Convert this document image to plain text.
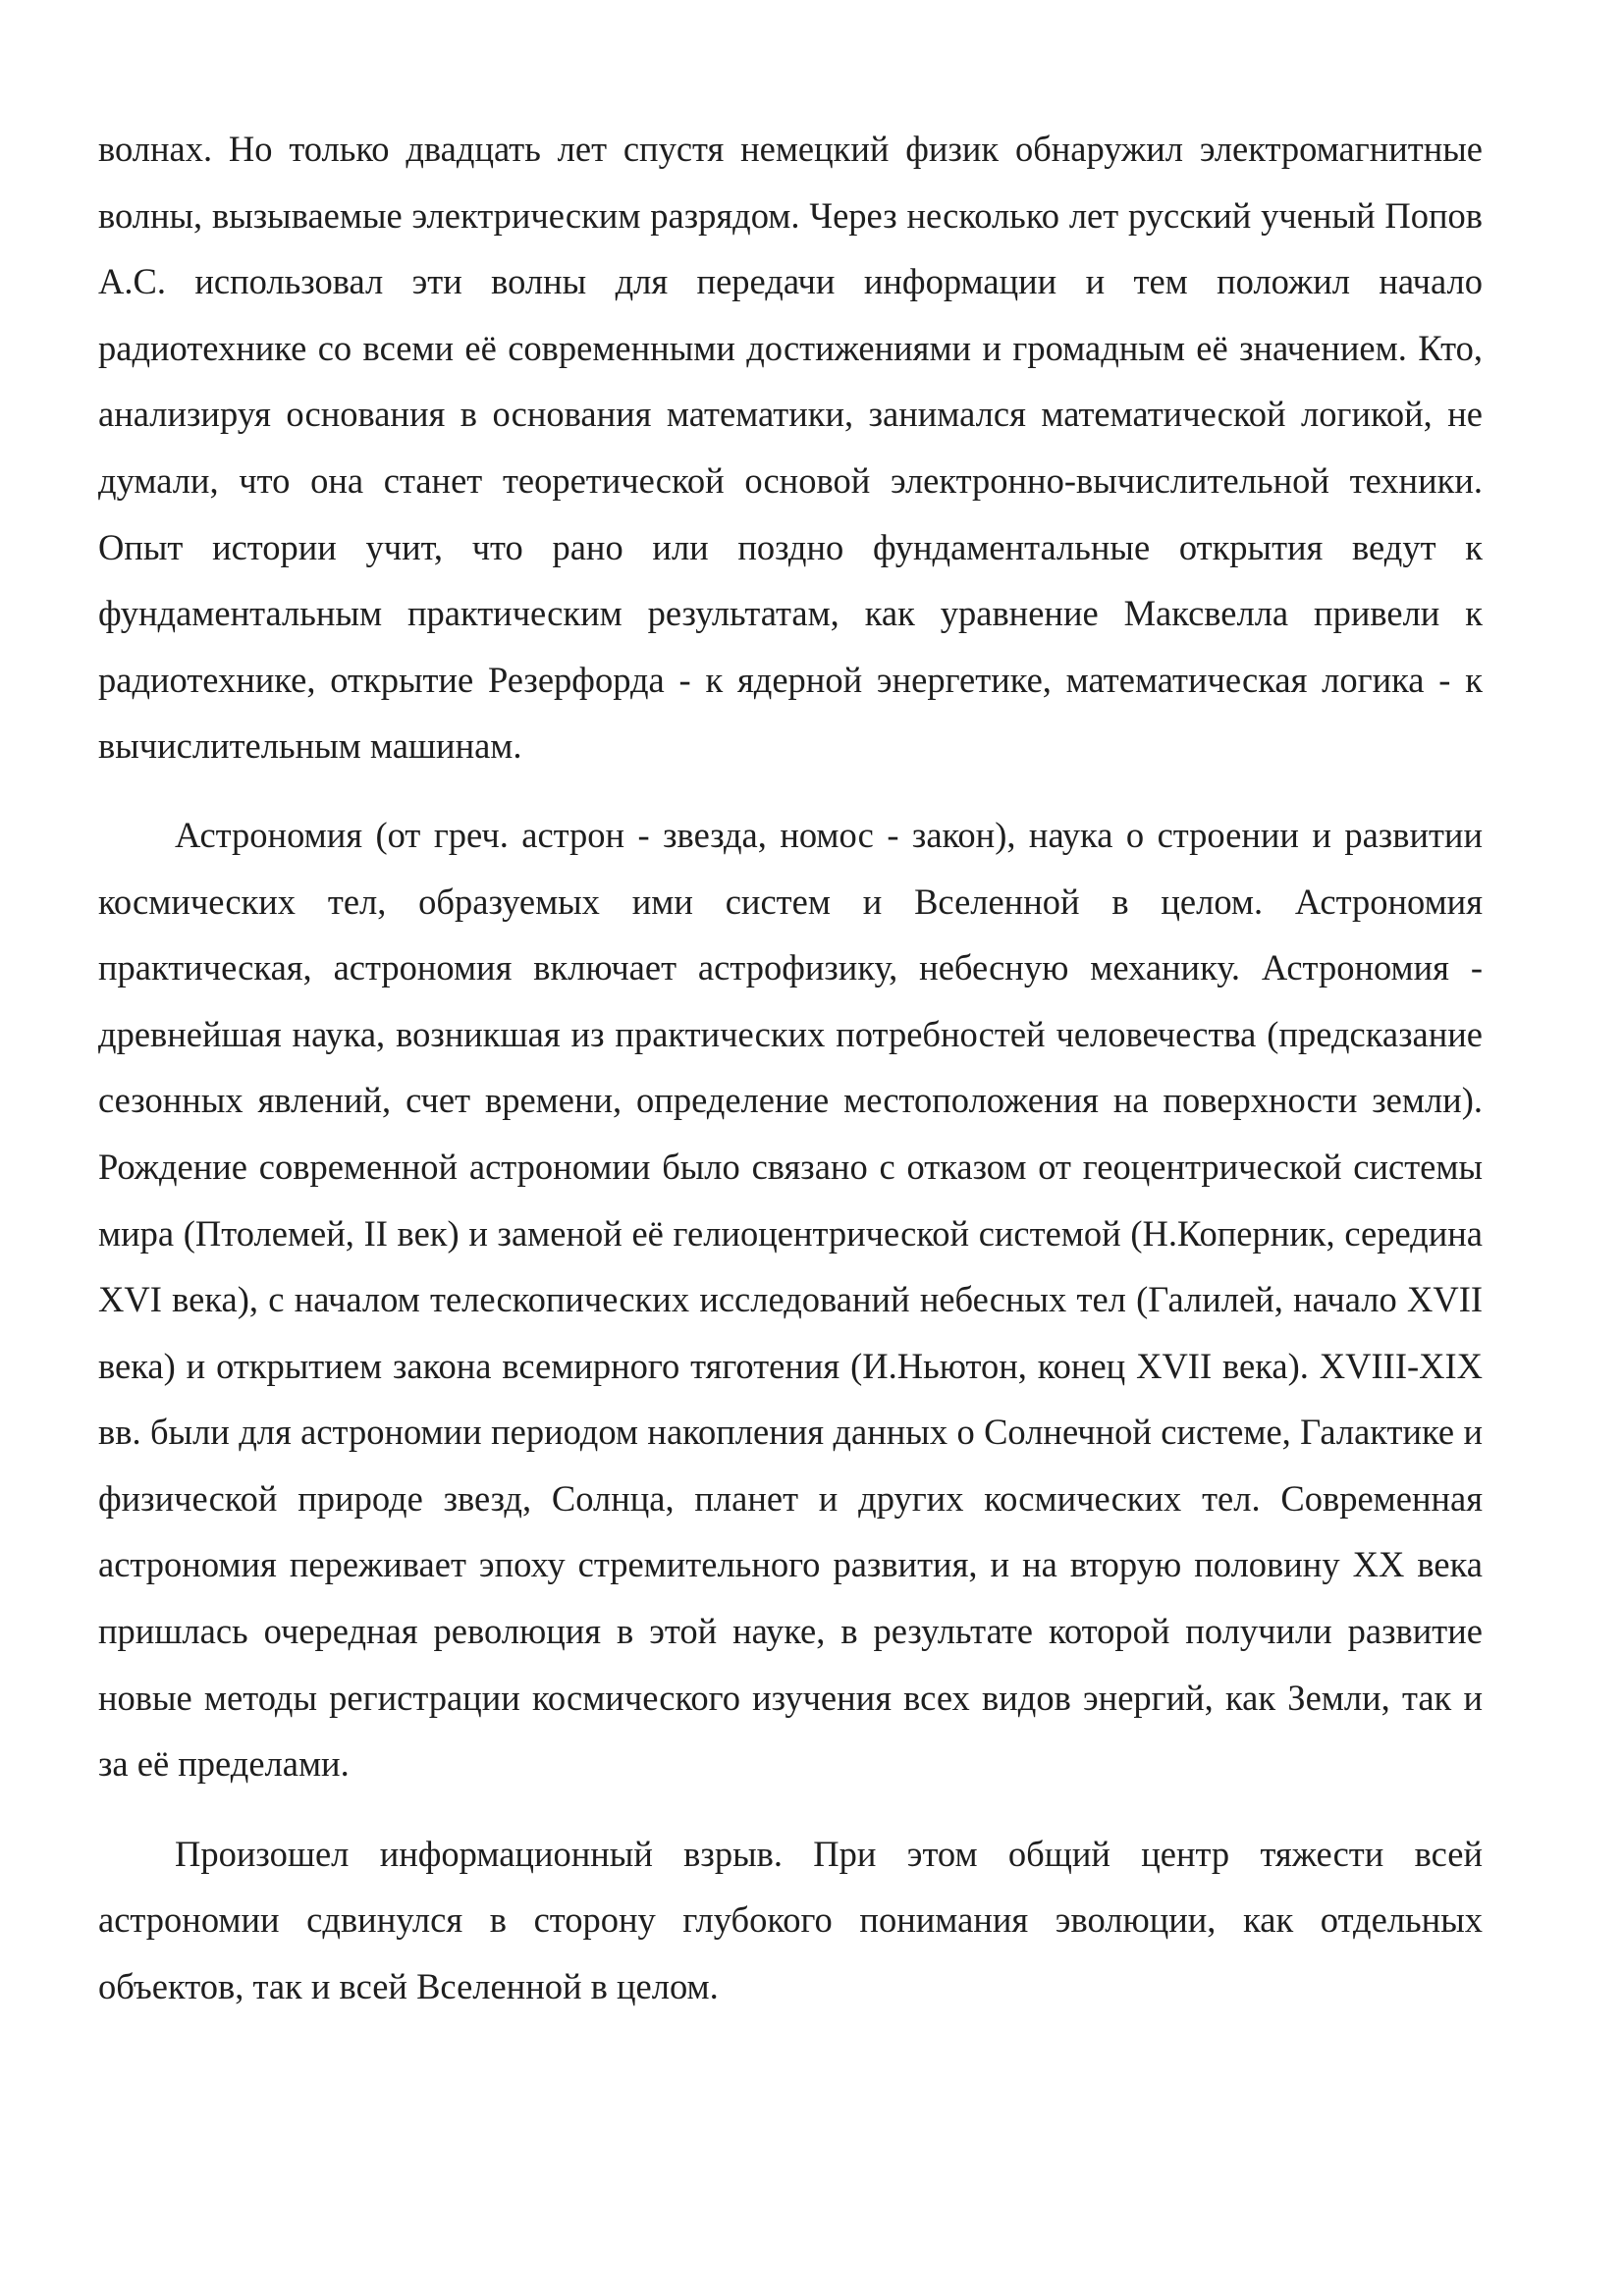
волнах. Но только двадцать лет спустя немецкий физик обнаружил электромагнитные волны, вызываемые электрическим разрядом. Через несколько лет русский ученый Попов А.С. использовал эти волны для передачи информации и тем положил начало радиотехнике со всеми её современными достижениями и громадным её значением. Кто, анализируя основания в основания математики, занимался математической логикой, не думали, что она станет теоретической основой электронно-вычислительной техники. Опыт истории учит, что рано или поздно фундаментальные открытия ведут к фундаментальным практическим результатам, как уравнение Максвелла привели к радиотехнике, открытие Резерфорда - к ядерной энергетике, математическая логика - к вычислительным машинам.

Астрономия (от греч. астрон - звезда, номос - закон), наука о строении и развитии космических тел, образуемых ими систем и Вселенной в целом. Астрономия практическая, астрономия включает астрофизику, небесную механику. Астрономия - древнейшая наука, возникшая из практических потребностей человечества (предсказание сезонных явлений, счет времени, определение местоположения на поверхности земли). Рождение современной астрономии было связано с отказом от геоцентрической системы мира (Птолемей, II век) и заменой её гелиоцентрической системой (Н.Коперник, середина XVI века), с началом телескопических исследований небесных тел (Галилей, начало XVII века) и открытием закона всемирного тяготения (И.Ньютон, конец XVII века). XVIII-XIX вв. были для астрономии периодом накопления данных о Солнечной системе, Галактике и физической природе звезд, Солнца, планет и других космических тел. Современная астрономия переживает эпоху стремительного развития, и на вторую половину XX века пришлась очередная революция в этой науке, в результате которой получили развитие новые методы регистрации космического изучения всех видов энергий, как Земли, так и за её пределами.

Произошел информационный взрыв. При этом общий центр тяжести всей астрономии сдвинулся в сторону глубокого понимания эволюции, как отдельных объектов, так и всей Вселенной в целом.
